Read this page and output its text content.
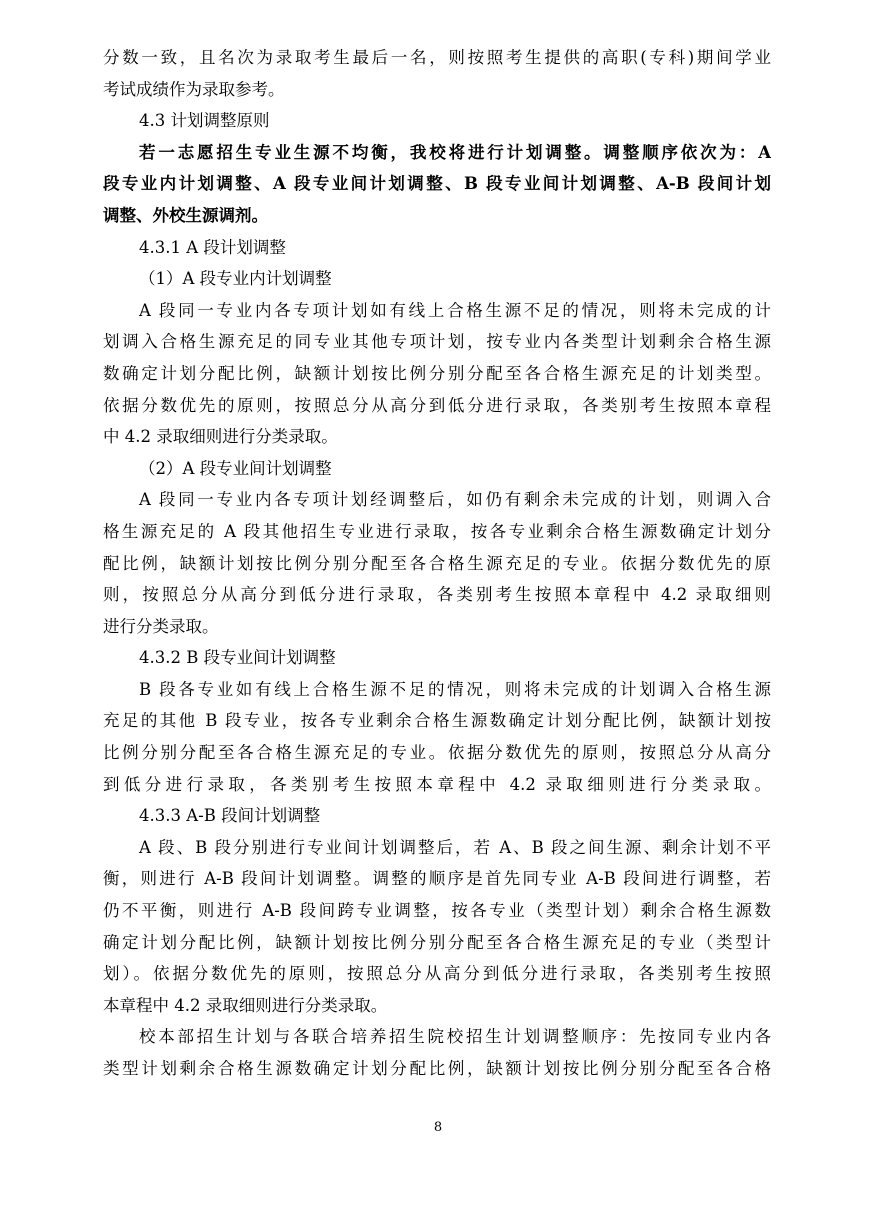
分数一致，且名次为录取考生最后一名，则按照考生提供的高职(专科)期间学业
考试成绩作为录取参考。
4.3 计划调整原则
若一志愿招生专业生源不均衡，我校将进行计划调整。调整顺序依次为：A
段专业内计划调整、A 段专业间计划调整、B 段专业间计划调整、A-B 段间计划
调整、外校生源调剂。
4.3.1 A 段计划调整
（1）A 段专业内计划调整
A 段同一专业内各专项计划如有线上合格生源不足的情况，则将未完成的计
划调入合格生源充足的同专业其他专项计划，按专业内各类型计划剩余合格生源
数确定计划分配比例，缺额计划按比例分别分配至各合格生源充足的计划类型。
依据分数优先的原则，按照总分从高分到低分进行录取，各类别考生按照本章程
中 4.2 录取细则进行分类录取。
（2）A 段专业间计划调整
A 段同一专业内各专项计划经调整后，如仍有剩余未完成的计划，则调入合
格生源充足的 A 段其他招生专业进行录取，按各专业剩余合格生源数确定计划分
配比例，缺额计划按比例分别分配至各合格生源充足的专业。依据分数优先的原
则，按照总分从高分到低分进行录取，各类别考生按照本章程中 4.2 录取细则
进行分类录取。
4.3.2 B 段专业间计划调整
B 段各专业如有线上合格生源不足的情况，则将未完成的计划调入合格生源
充足的其他 B 段专业，按各专业剩余合格生源数确定计划分配比例，缺额计划按
比例分别分配至各合格生源充足的专业。依据分数优先的原则，按照总分从高分
到低分进行录取，各类别考生按照本章程中 4.2 录取细则进行分类录取。
4.3.3 A-B 段间计划调整
A 段、B 段分别进行专业间计划调整后，若 A、B 段之间生源、剩余计划不平
衡，则进行 A-B 段间计划调整。调整的顺序是首先同专业 A-B 段间进行调整，若
仍不平衡，则进行 A-B 段间跨专业调整，按各专业（类型计划）剩余合格生源数
确定计划分配比例，缺额计划按比例分别分配至各合格生源充足的专业（类型计
划）。依据分数优先的原则，按照总分从高分到低分进行录取，各类别考生按照
本章程中 4.2 录取细则进行分类录取。
校本部招生计划与各联合培养招生院校招生计划调整顺序：先按同专业内各
类型计划剩余合格生源数确定计划分配比例，缺额计划按比例分别分配至各合格
8
